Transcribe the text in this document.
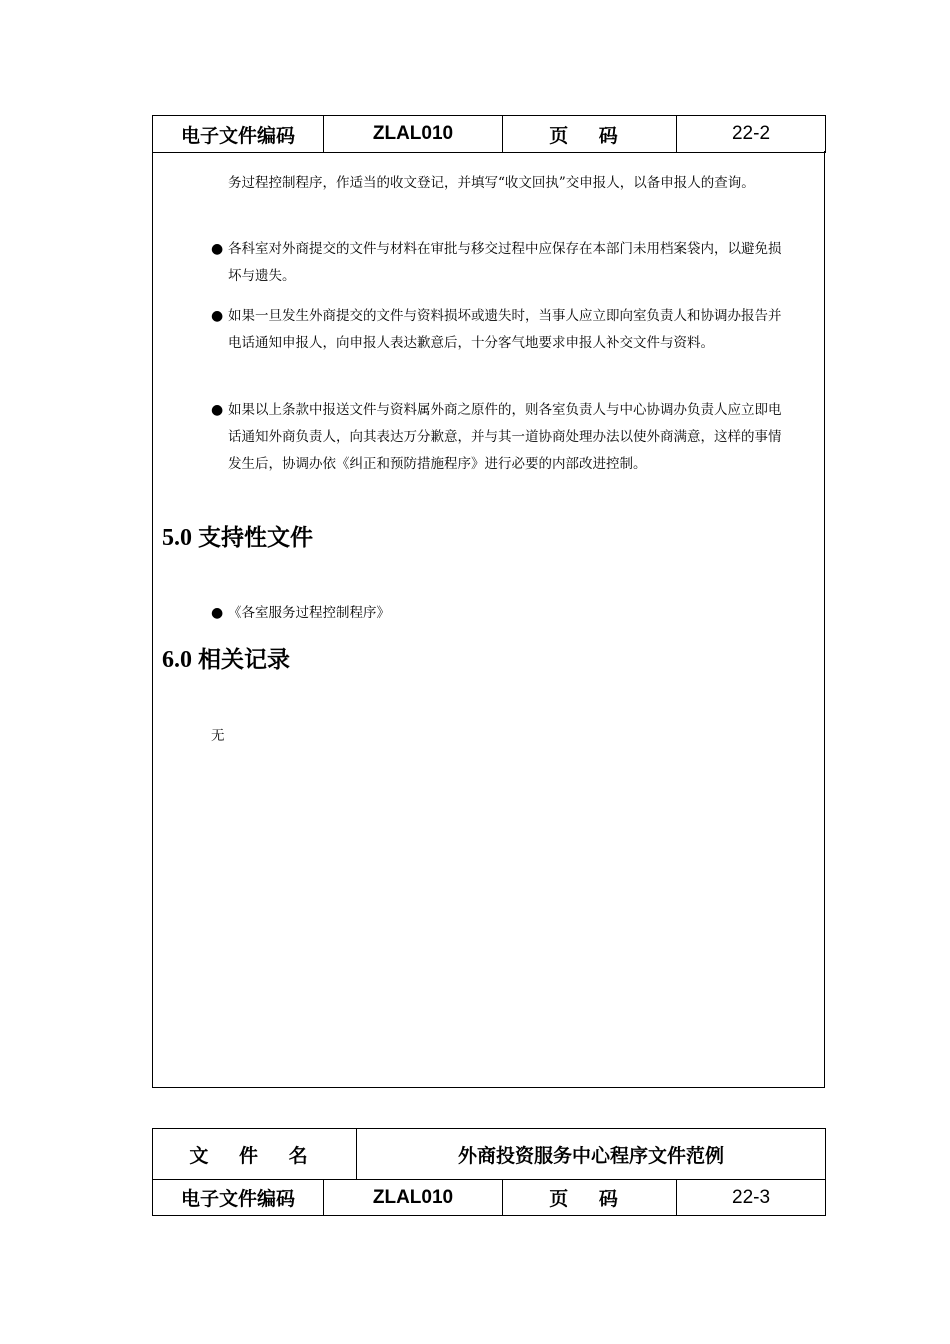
电子文件编码	ZLAL010	页 码	22-2
务过程控制程序，作适当的收文登记，并填写“收文回执”交申报人，以备申报人的查询。
● 各科室对外商提交的文件与材料在审批与移交过程中应保存在本部门未用档案袋内，以避免损坏与遗失。
● 如果一旦发生外商提交的文件与资料损坏或遗失时，当事人应立即向室负责人和协调办报告并电话通知申报人，向申报人表达歉意后，十分客气地要求申报人补交文件与资料。
● 如果以上条款中报送文件与资料属外商之原件的，则各室负责人与中心协调办负责人应立即电话通知外商负责人，向其表达万分歉意，并与其一道协商处理办法以使外商满意，这样的事情发生后，协调办依《纠正和预防措施程序》进行必要的内部改进控制。
5.0 支持性文件
● 《各室服务过程控制程序》
6.0 相关记录
无
文 件 名		外商投资服务中心程序文件范例		
电子文件编码	ZLAL010		页 码	22-3
